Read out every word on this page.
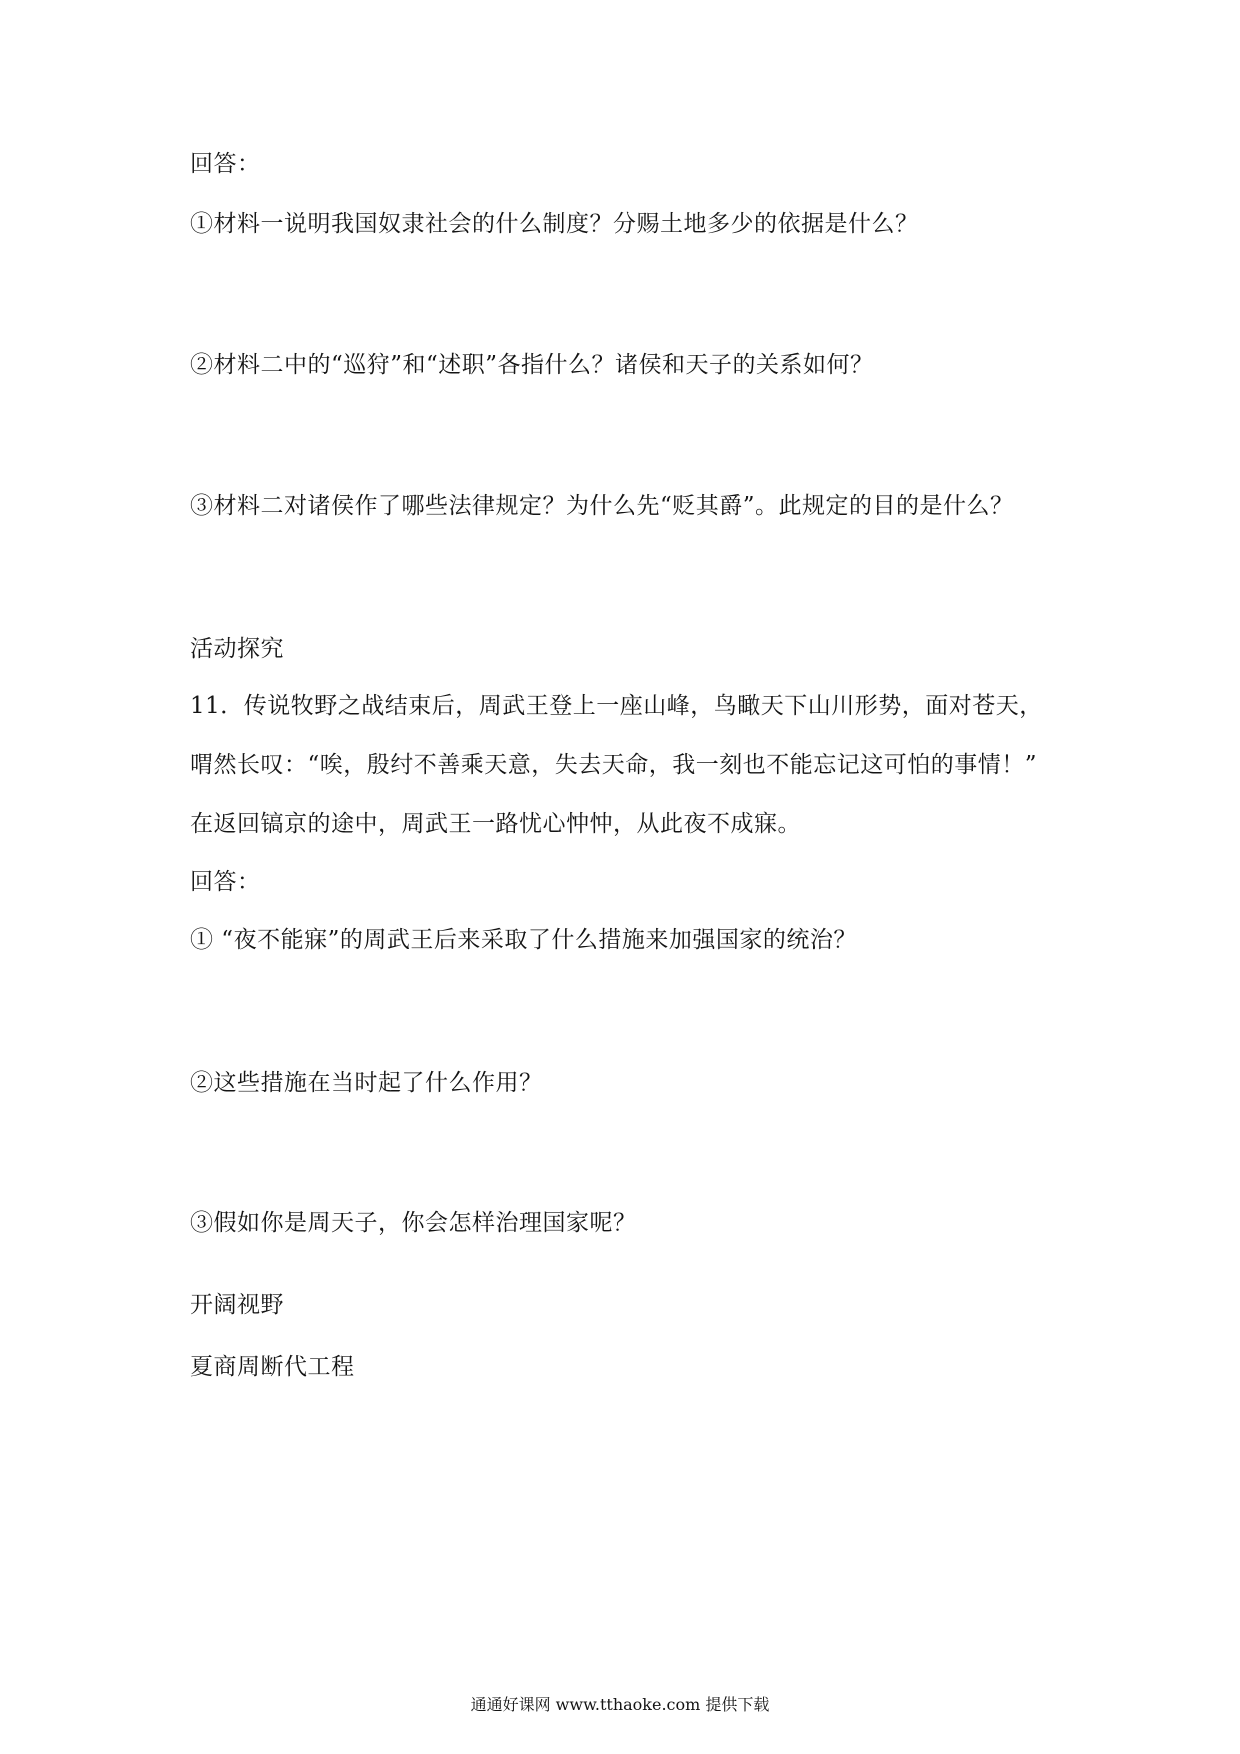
回答：
①材料一说明我国奴隶社会的什么制度？分赐土地多少的依据是什么？
②材料二中的“巡狩”和“述职”各指什么？诸侯和天子的关系如何？
③材料二对诸侯作了哪些法律规定？为什么先“贬其爵”。此规定的目的是什么？
活动探究
11．传说牧野之战结束后，周武王登上一座山峰，鸟瞰天下山川形势，面对苍天，
喟然长叹：“唉，殷纣不善乘天意，失去天命，我一刻也不能忘记这可怕的事情！”
在返回镐京的途中，周武王一路忧心忡忡，从此夜不成寐。
回答：
① “夜不能寐”的周武王后来采取了什么措施来加强国家的统治？
②这些措施在当时起了什么作用？
③假如你是周天子，你会怎样治理国家呢？
开阔视野
夏商周断代工程
通通好课网 www.tthaoke.com 提供下载
